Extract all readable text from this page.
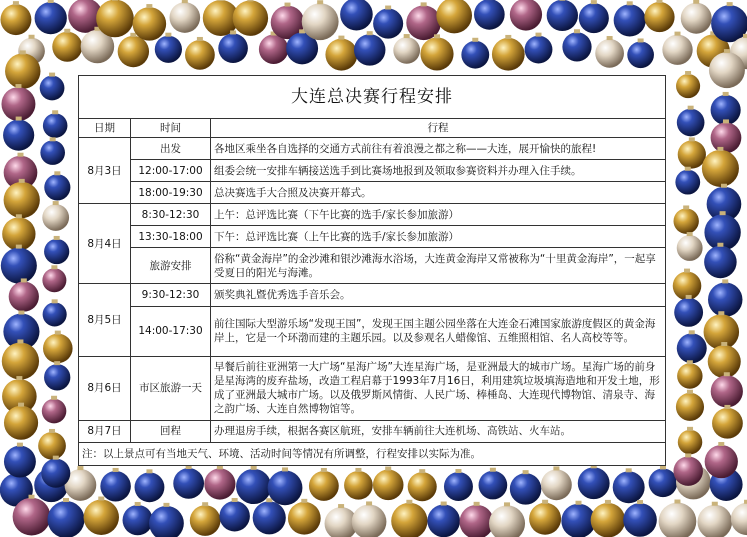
大连总决赛行程安排		
日期	时间	行程
8月3日	出发	各地区乘坐各自选择的交通方式前往有着浪漫之都之称——大连，展开愉快的旅程!
	12:00-17:00	组委会统一安排车辆接送选手到比赛场地报到及领取参赛资料并办理入住手续。
	18:00-19:30	总决赛选手大合照及决赛开幕式。
8月4日	8:30-12:30	上午：总评选比赛（下午比赛的选手/家长参加旅游）
	13:30-18:00	下午：总评选比赛（上午比赛的选手/家长参加旅游）
	旅游安排	俗称“黄金海岸”的金沙滩和银沙滩海水浴场，大连黄金海岸又常被称为“十里黄金海岸”，一起享受夏日的阳光与海滩。
8月5日	9:30-12:30	颁奖典礼暨优秀选手音乐会。
	14:00-17:30	前往国际大型游乐场“发现王国”，发现王国主题公园坐落在大连金石滩国家旅游度假区的黄金海岸上，它是一个环渤而建的主题乐园。以及参观名人蜡像馆、五维照相馆、名人高校等等。
8月6日	市区旅游一天	早餐后前往亚洲第一大广场“星海广场”大连星海广场，是亚洲最大的城市广场。星海广场的前身是星海湾的废弃盐场，改造工程启幕于1993年7月16日，利用建筑垃圾填海造地和开发土地，形成了亚洲最大城市广场。以及俄罗斯风情街、人民广场、棒棰岛、大连现代博物馆、清泉寺、海之韵广场、大连自然博物馆等。
8月7日	回程	办理退房手续，根据各赛区航班，安排车辆前往大连机场、高铁站、火车站。
注：以上景点可有当地天气、环境、活动时间等情况有所调整，行程安排以实际为准。		
